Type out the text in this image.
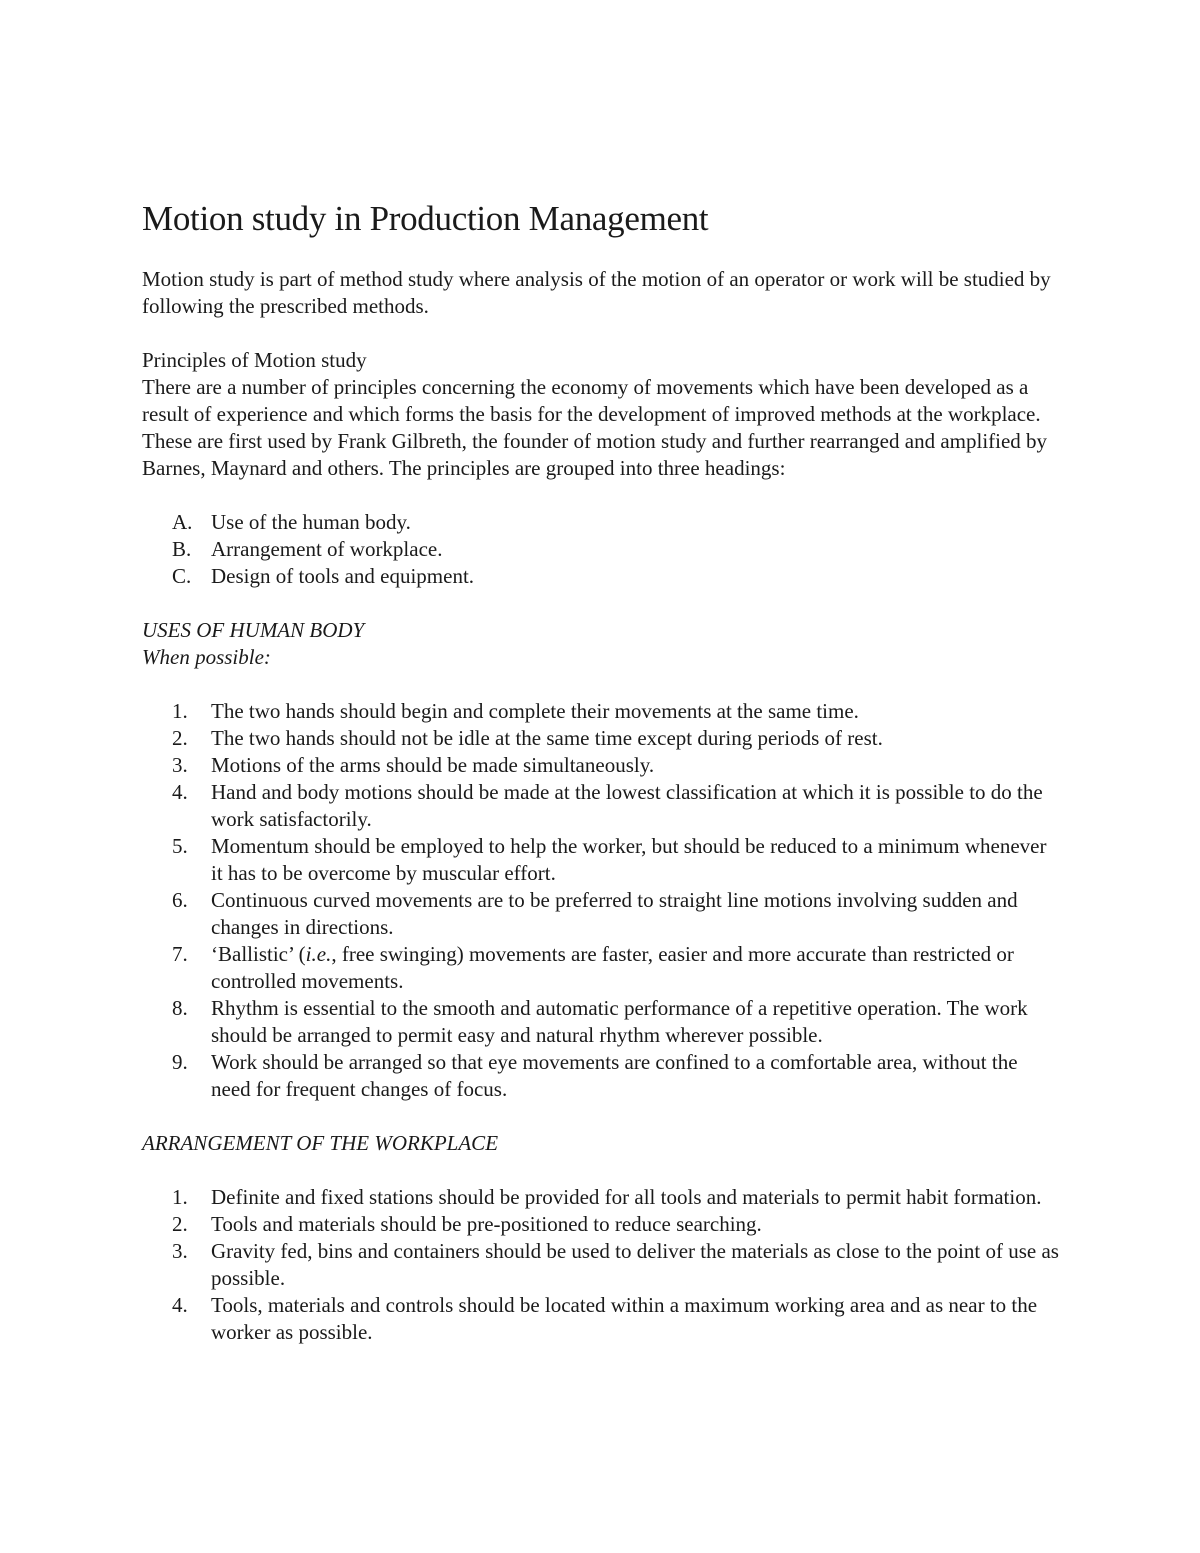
Motion study in Production Management

Motion study is part of method study where analysis of the motion of an operator or work will be studied by following the prescribed methods.

Principles of Motion study

There are a number of principles concerning the economy of movements which have been developed as a result of experience and which forms the basis for the development of improved methods at the workplace. These are first used by Frank Gilbreth, the founder of motion study and further rearranged and amplified by Barnes, Maynard and others. The principles are grouped into three headings:

A. Use of the human body.
B. Arrangement of workplace.
C. Design of tools and equipment.

USES OF HUMAN BODY

When possible:

1.	The two hands should begin and complete their movements at the same time.
2.	The two hands should not be idle at the same time except during periods of rest.
3.	Motions of the arms should be made simultaneously.
4.	Hand and body motions should be made at the lowest classification at which it is possible to do the work satisfactorily.
5.	Momentum should be employed to help the worker, but should be reduced to a minimum whenever it has to be overcome by muscular effort.
6.	Continuous curved movements are to be preferred to straight line motions involving sudden and changes in directions.
7.	‘Ballistic’ (i.e., free swinging) movements are faster, easier and more accurate than restricted or controlled movements.
8.	Rhythm is essential to the smooth and automatic performance of a repetitive operation. The work should be arranged to permit easy and natural rhythm wherever possible.
9.	Work should be arranged so that eye movements are confined to a comfortable area, without the need for frequent changes of focus.

ARRANGEMENT OF THE WORKPLACE

1.	Definite and fixed stations should be provided for all tools and materials to permit habit formation.
2.	Tools and materials should be pre-positioned to reduce searching.
3.	Gravity fed, bins and containers should be used to deliver the materials as close to the point of use as possible.
4.	Tools, materials and controls should be located within a maximum working area and as near to the worker as possible.
